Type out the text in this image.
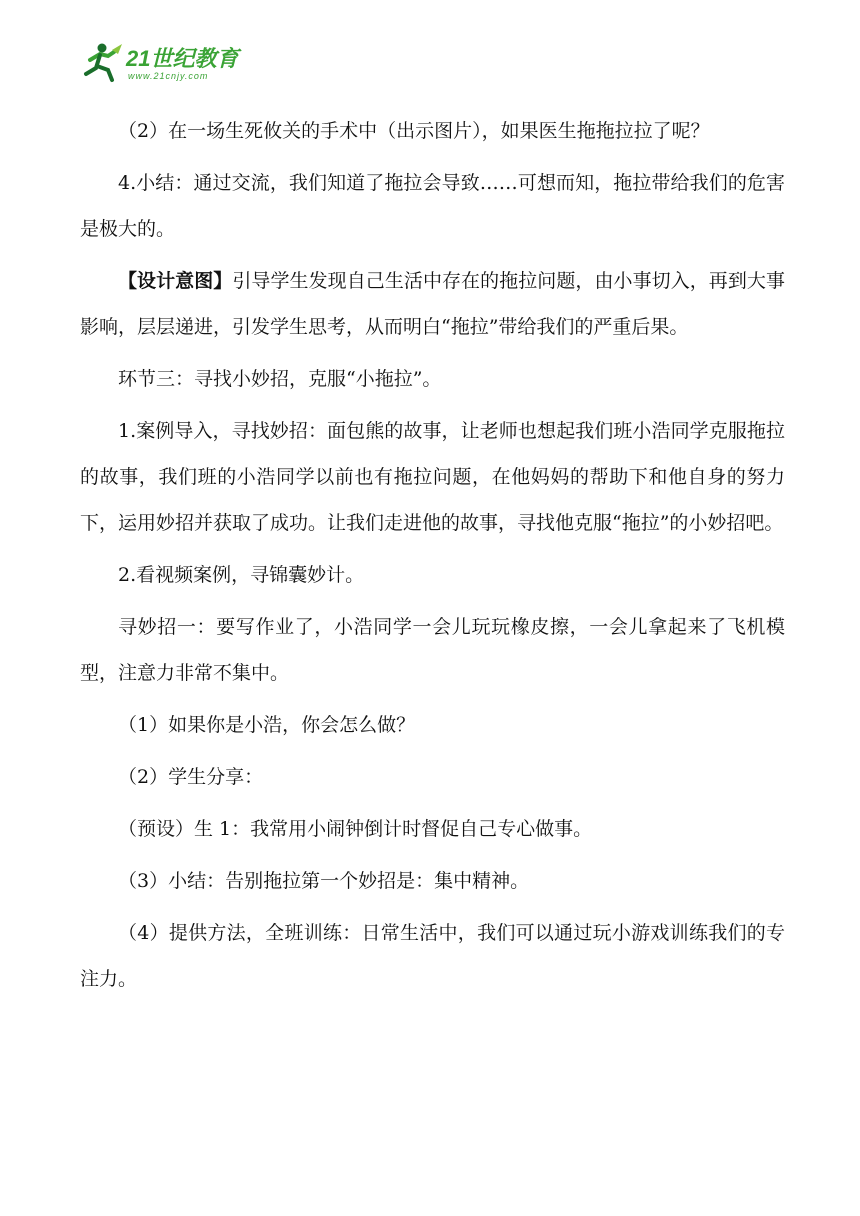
21世纪教育
www.21cnjy.com

（2）在一场生死攸关的手术中（出示图片），如果医生拖拖拉拉了呢？

4.小结：通过交流，我们知道了拖拉会导致……可想而知，拖拉带给我们的危害是极大的。

【设计意图】引导学生发现自己生活中存在的拖拉问题，由小事切入，再到大事影响，层层递进，引发学生思考，从而明白“拖拉”带给我们的严重后果。

环节三：寻找小妙招，克服“小拖拉”。

1.案例导入，寻找妙招：面包熊的故事，让老师也想起我们班小浩同学克服拖拉的故事，我们班的小浩同学以前也有拖拉问题，在他妈妈的帮助下和他自身的努力下，运用妙招并获取了成功。让我们走进他的故事，寻找他克服“拖拉”的小妙招吧。

2.看视频案例，寻锦囊妙计。

寻妙招一：要写作业了，小浩同学一会儿玩玩橡皮擦，一会儿拿起来了飞机模型，注意力非常不集中。

（1）如果你是小浩，你会怎么做？

（2）学生分享：

（预设）生 1：我常用小闹钟倒计时督促自己专心做事。

（3）小结：告别拖拉第一个妙招是：集中精神。

（4）提供方法，全班训练：日常生活中，我们可以通过玩小游戏训练我们的专注力。
